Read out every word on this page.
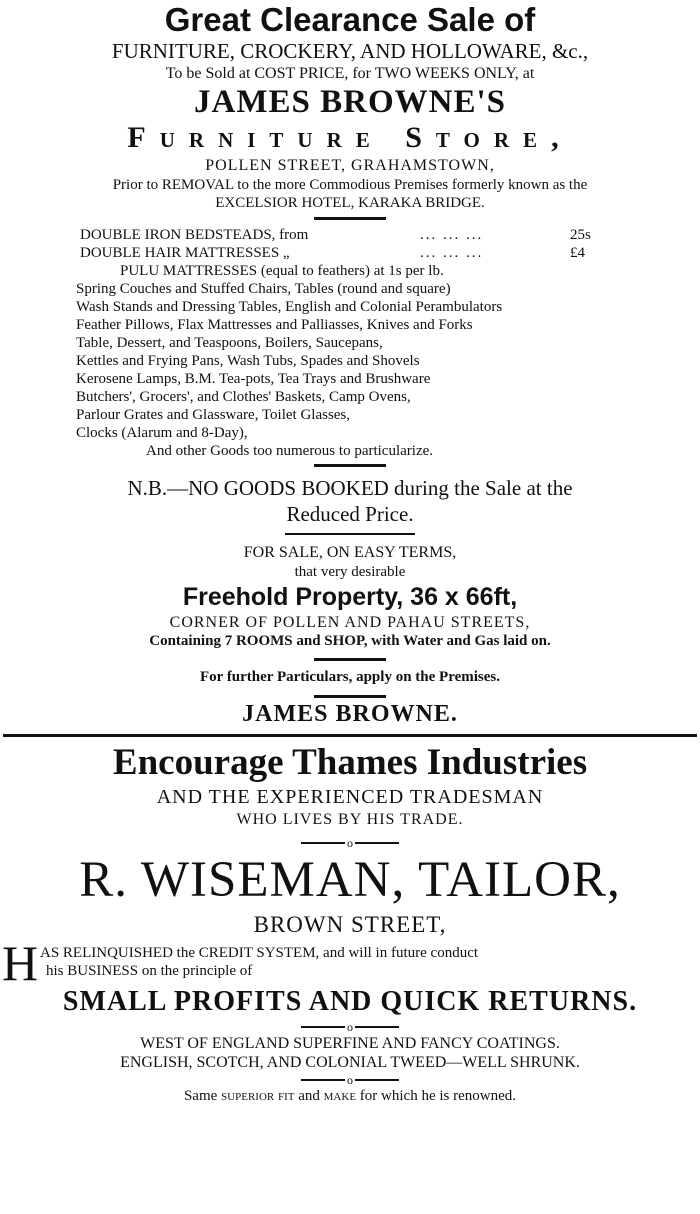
Great Clearance Sale of

FURNITURE, CROCKERY, AND HOLLOWARE, &c.,

To be Sold at COST PRICE, for TWO WEEKS ONLY, at

JAMES BROWNE'S

Furniture Store,

POLLEN STREET, GRAHAMSTOWN,

Prior to REMOVAL to the more Commodious Premises formerly known as the

EXCELSIOR HOTEL, KARAKA BRIDGE.

DOUBLE IRON BEDSTEADS, from	... ... ...	25s
DOUBLE HAIR MATTRESSES „	... ... ...	£4
PULU MATTRESSES (equal to feathers) at 1s per lb.
Spring Couches and Stuffed Chairs, Tables (round and square)
Wash Stands and Dressing Tables, English and Colonial Perambulators
Feather Pillows, Flax Mattresses and Palliasses, Knives and Forks
Table, Dessert, and Teaspoons, Boilers, Saucepans,
Kettles and Frying Pans, Wash Tubs, Spades and Shovels
Kerosene Lamps, B.M. Tea-pots, Tea Trays and Brushware
Butchers', Grocers', and Clothes' Baskets, Camp Ovens,
Parlour Grates and Glassware, Toilet Glasses,
Clocks (Alarum and 8-Day),
And other Goods too numerous to particularize.

N.B.—NO GOODS BOOKED during the Sale at the

Reduced Price.

FOR SALE, ON EASY TERMS,

that very desirable

Freehold Property, 36 x 66ft,

CORNER OF POLLEN AND PAHAU STREETS,

Containing 7 ROOMS and SHOP, with Water and Gas laid on.

For further Particulars, apply on the Premises.

JAMES BROWNE.

Encourage Thames Industries

AND THE EXPERIENCED TRADESMAN

WHO LIVES BY HIS TRADE.

o

R. WISEMAN, TAILOR,

BROWN STREET,

H AS RELINQUISHED the CREDIT SYSTEM, and will in future conduct
his BUSINESS on the principle of

SMALL PROFITS AND QUICK RETURNS.

o

WEST OF ENGLAND SUPERFINE AND FANCY COATINGS.

ENGLISH, SCOTCH, AND COLONIAL TWEED—WELL SHRUNK.

o

Same superior fit and make for which he is renowned.
